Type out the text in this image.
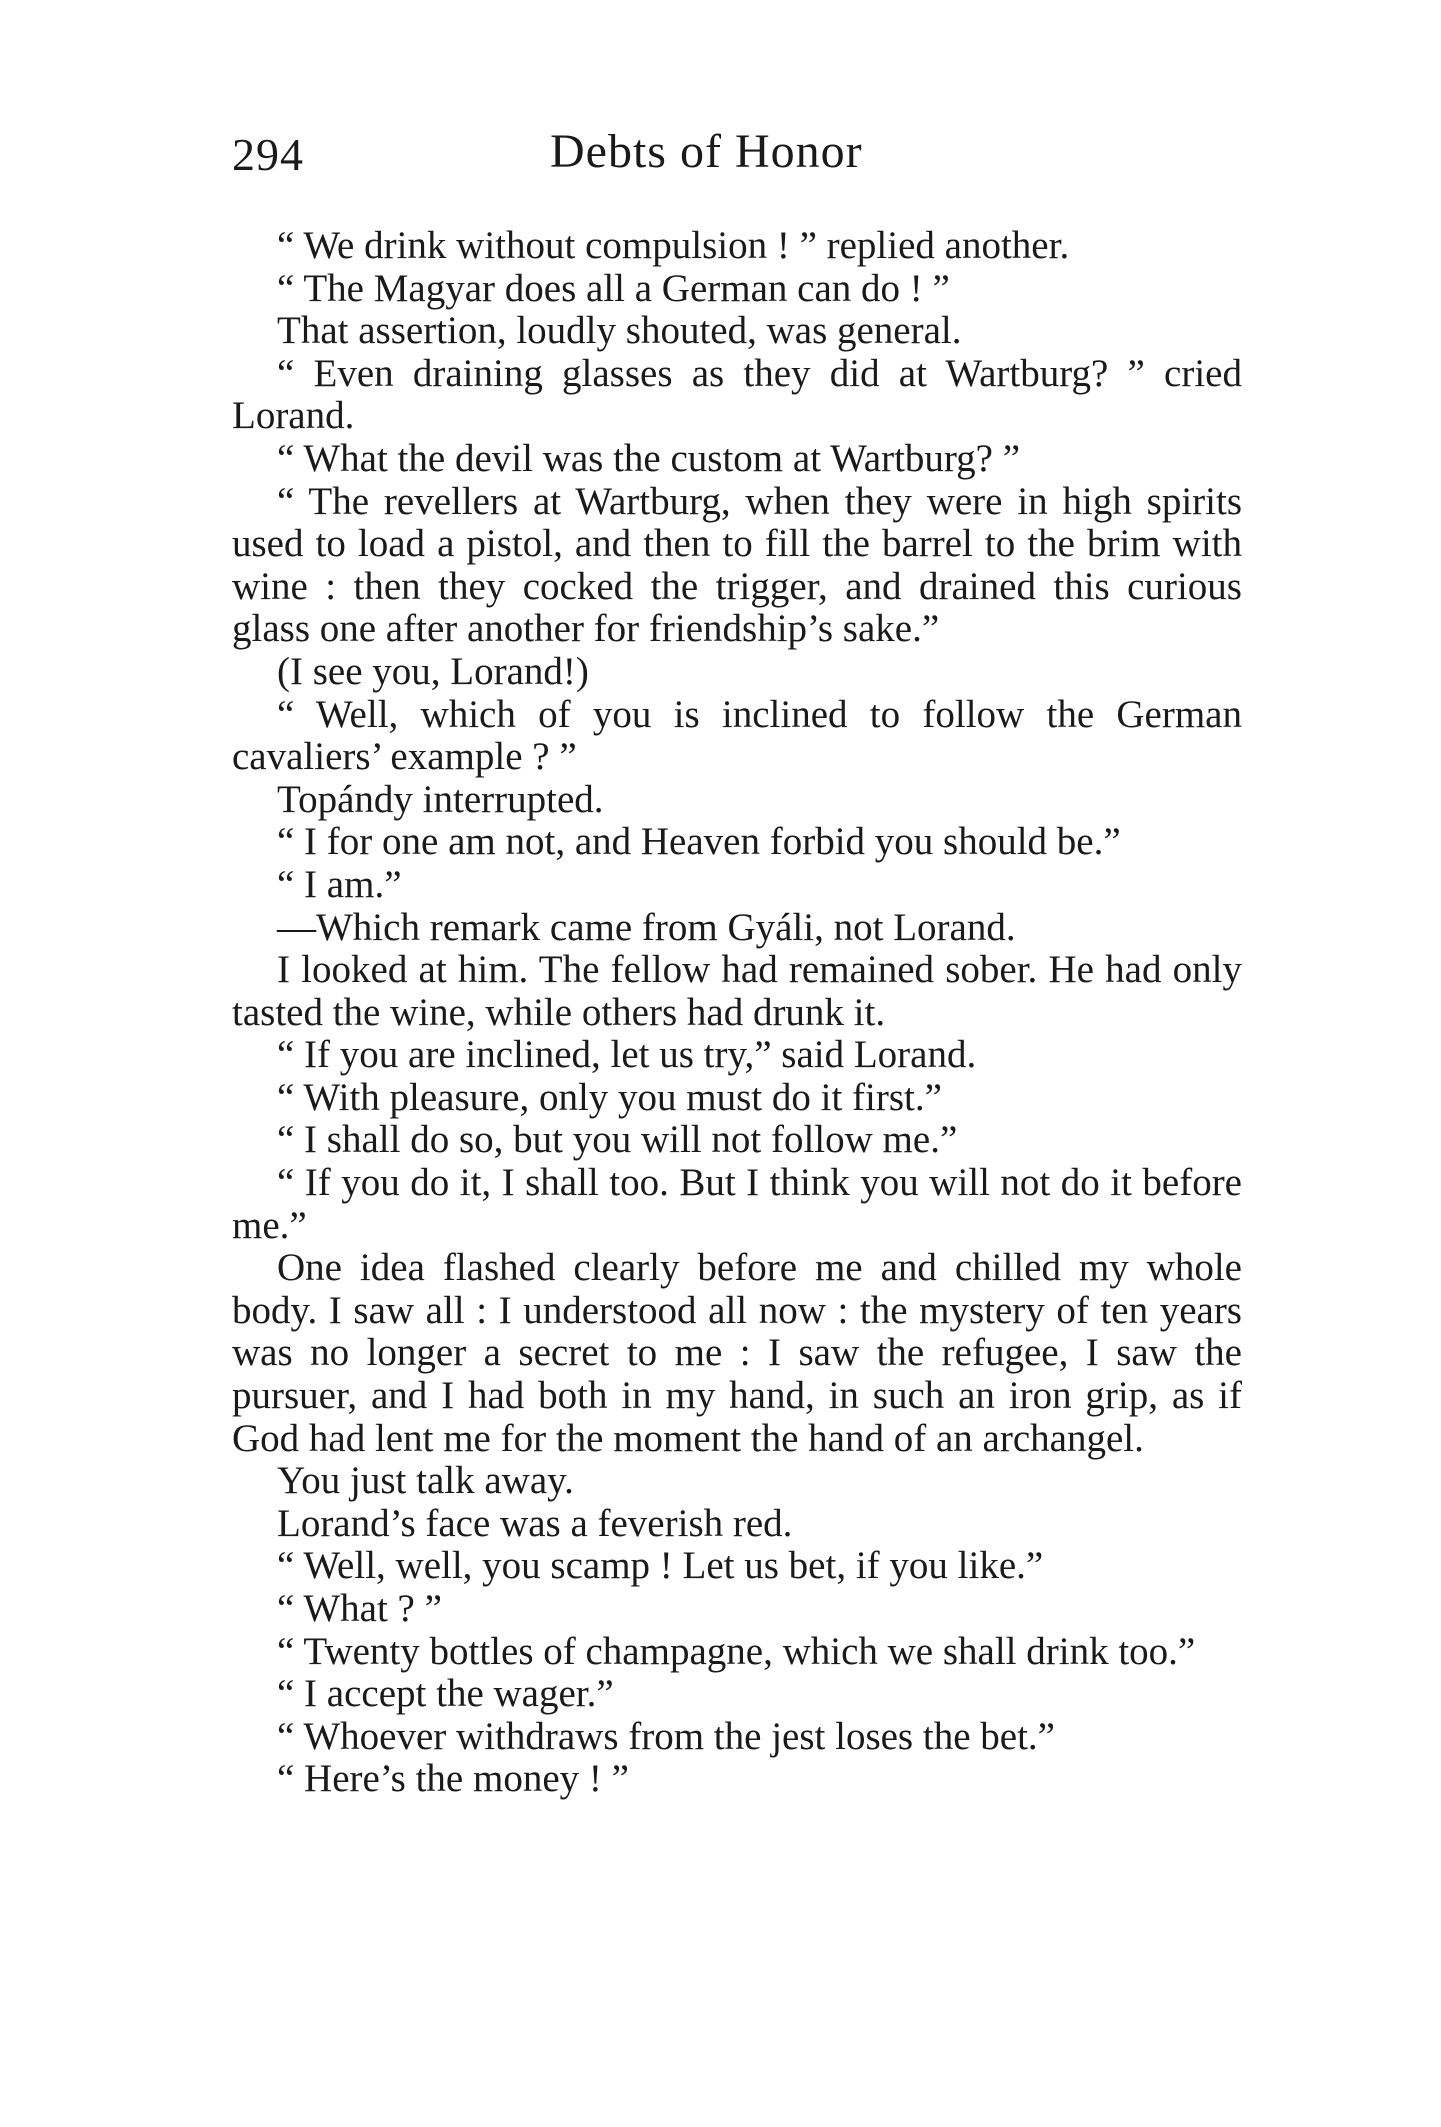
294	Debts of Honor

“ We drink without compulsion ! ” replied another.

“ The Magyar does all a German can do ! ”

That assertion, loudly shouted, was general.

“ Even draining glasses as they did at Wartburg? ” cried Lorand.

“ What the devil was the custom at Wartburg? ”

“ The revellers at Wartburg, when they were in high spirits used to load a pistol, and then to fill the barrel to the brim with wine : then they cocked the trigger, and drained this curious glass one after another for friendship’s sake.”

(I see you, Lorand!)

“ Well, which of you is inclined to follow the German cavaliers’ example ? ”

Topándy interrupted.

“ I for one am not, and Heaven forbid you should be.”

“ I am.”

—Which remark came from Gyáli, not Lorand.

I looked at him. The fellow had remained sober. He had only tasted the wine, while others had drunk it.

“ If you are inclined, let us try,” said Lorand.

“ With pleasure, only you must do it first.”

“ I shall do so, but you will not follow me.”

“ If you do it, I shall too. But I think you will not do it before me.”

One idea flashed clearly before me and chilled my whole body. I saw all : I understood all now : the mystery of ten years was no longer a secret to me : I saw the refugee, I saw the pursuer, and I had both in my hand, in such an iron grip, as if God had lent me for the moment the hand of an archangel.

You just talk away.

Lorand’s face was a feverish red.

“ Well, well, you scamp ! Let us bet, if you like.”

“ What ? ”

“ Twenty bottles of champagne, which we shall drink too.”

“ I accept the wager.”

“ Whoever withdraws from the jest loses the bet.”

“ Here’s the money ! ”
